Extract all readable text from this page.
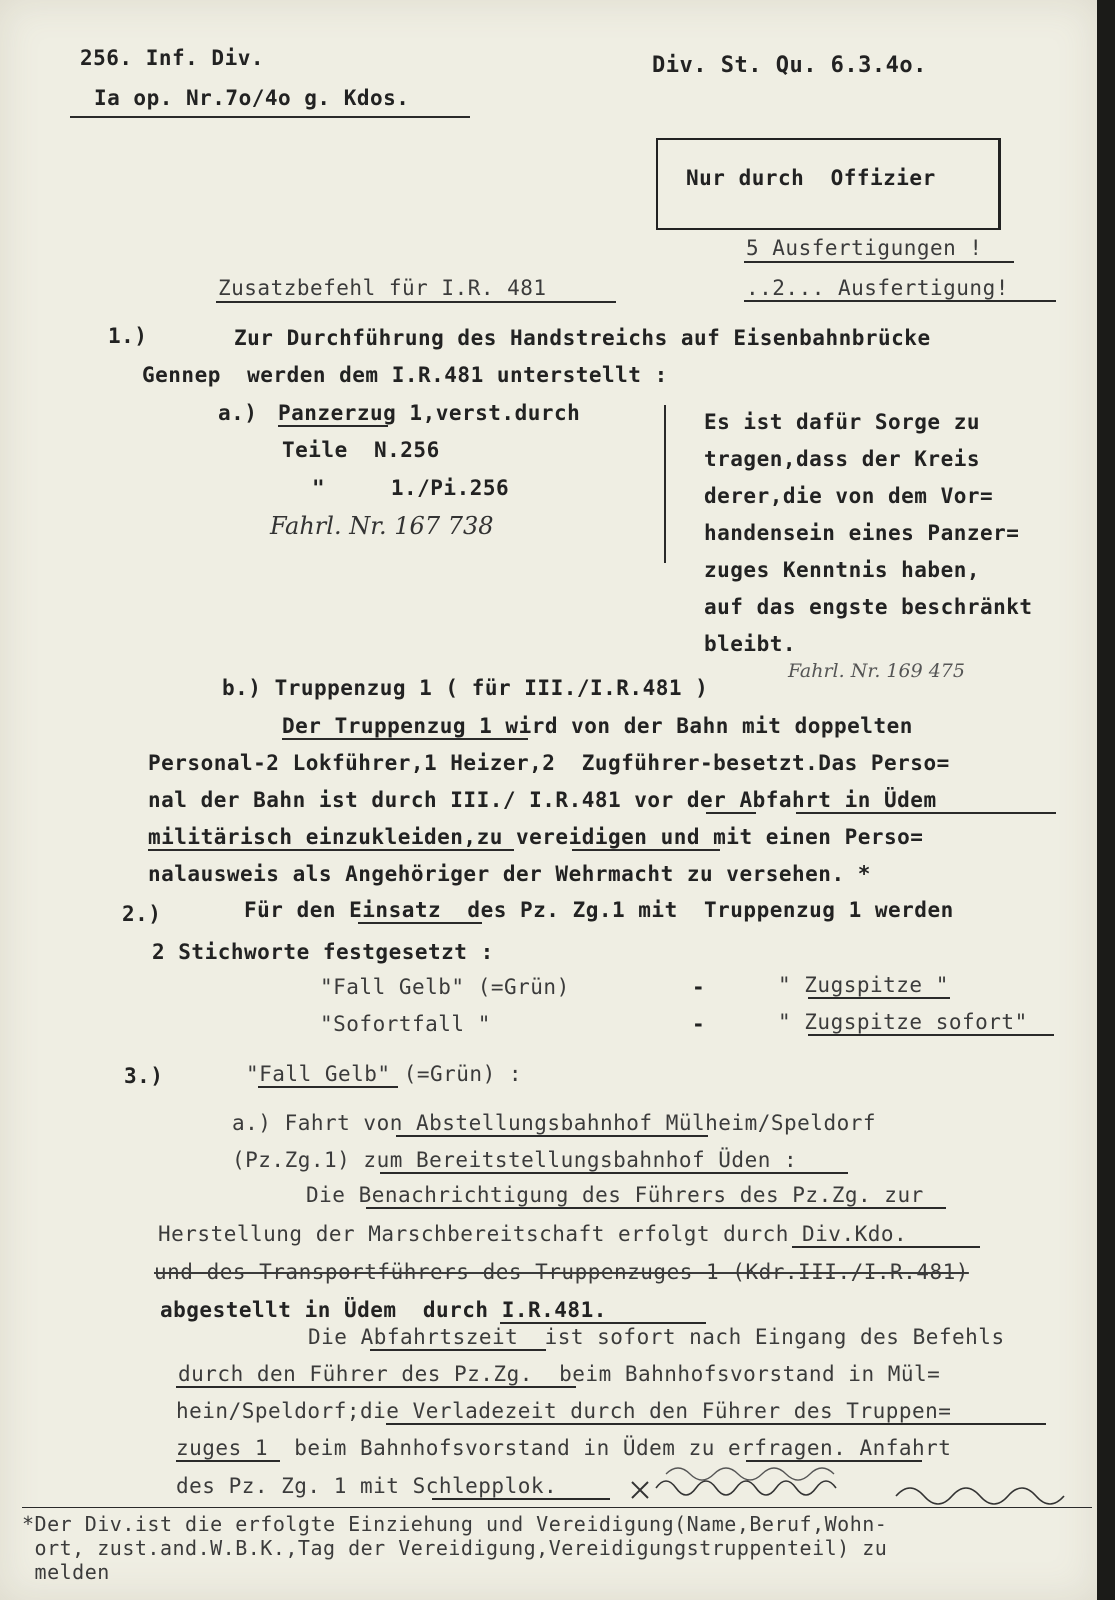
256. Inf. Div.
Ia op. Nr.7o/4o g. Kdos.
Div. St. Qu. 6.3.4o.
Nur durch  Offizier
5 Ausfertigungen !
..2... Ausfertigung!
Zusatzbefehl für I.R. 481
1.)	Zur Durchführung des Handstreichs auf Eisenbahnbrücke
Gennep  werden dem I.R.481 unterstellt :
a.) Panzerzug 1,verst.durch
Teile  N.256
"     1./Pi.256
Fahrl. Nr. 167 738
Es ist dafür Sorge zu
tragen,dass der Kreis
derer,die von dem Vor=
handensein eines Panzer=
zuges Kenntnis haben,
auf das engste beschränkt
bleibt.
b.) Truppenzug 1 ( für III./I.R.481 )
Fahrl. Nr. 169 475
Der Truppenzug 1 wird von der Bahn mit doppelten
Personal-2 Lokführer,1 Heizer,2  Zugführer-besetzt.Das Perso=
nal der Bahn ist durch III./ I.R.481 vor der Abfahrt in Üdem
militärisch einzukleiden,zu vereidigen und mit einen Perso=
nalausweis als Angehöriger der Wehrmacht zu versehen. *
2.)	Für den Einsatz  des Pz. Zg.1 mit  Truppenzug 1 werden
2 Stichworte festgesetzt :
"Fall Gelb" (=Grün)	-	" Zugspitze "
"Sofortfall "	-	" Zugspitze sofort"
3.)	"Fall Gelb" (=Grün) :
a.) Fahrt von Abstellungsbahnhof Mülheim/Speldorf
(Pz.Zg.1) zum Bereitstellungsbahnhof Üden :
Die Benachrichtigung des Führers des Pz.Zg. zur
Herstellung der Marschbereitschaft erfolgt durch Div.Kdo.
und des Transportführers des Truppenzuges 1 (Kdr.III./I.R.481)
abgestellt in Üdem  durch I.R.481.
Die Abfahrtszeit  ist sofort nach Eingang des Befehls
durch den Führer des Pz.Zg.  beim Bahnhofsvorstand in Mül=
hein/Speldorf;die Verladezeit durch den Führer des Truppen=
zuges 1  beim Bahnhofsvorstand in Üdem zu erfragen. Anfahrt
des Pz. Zg. 1 mit Schlepplok.
*Der Div.ist die erfolgte Einziehung und Vereidigung(Name,Beruf,Wohn-
ort, zust.and.W.B.K.,Tag der Vereidigung,Vereidigungstruppenteil) zu
melden
